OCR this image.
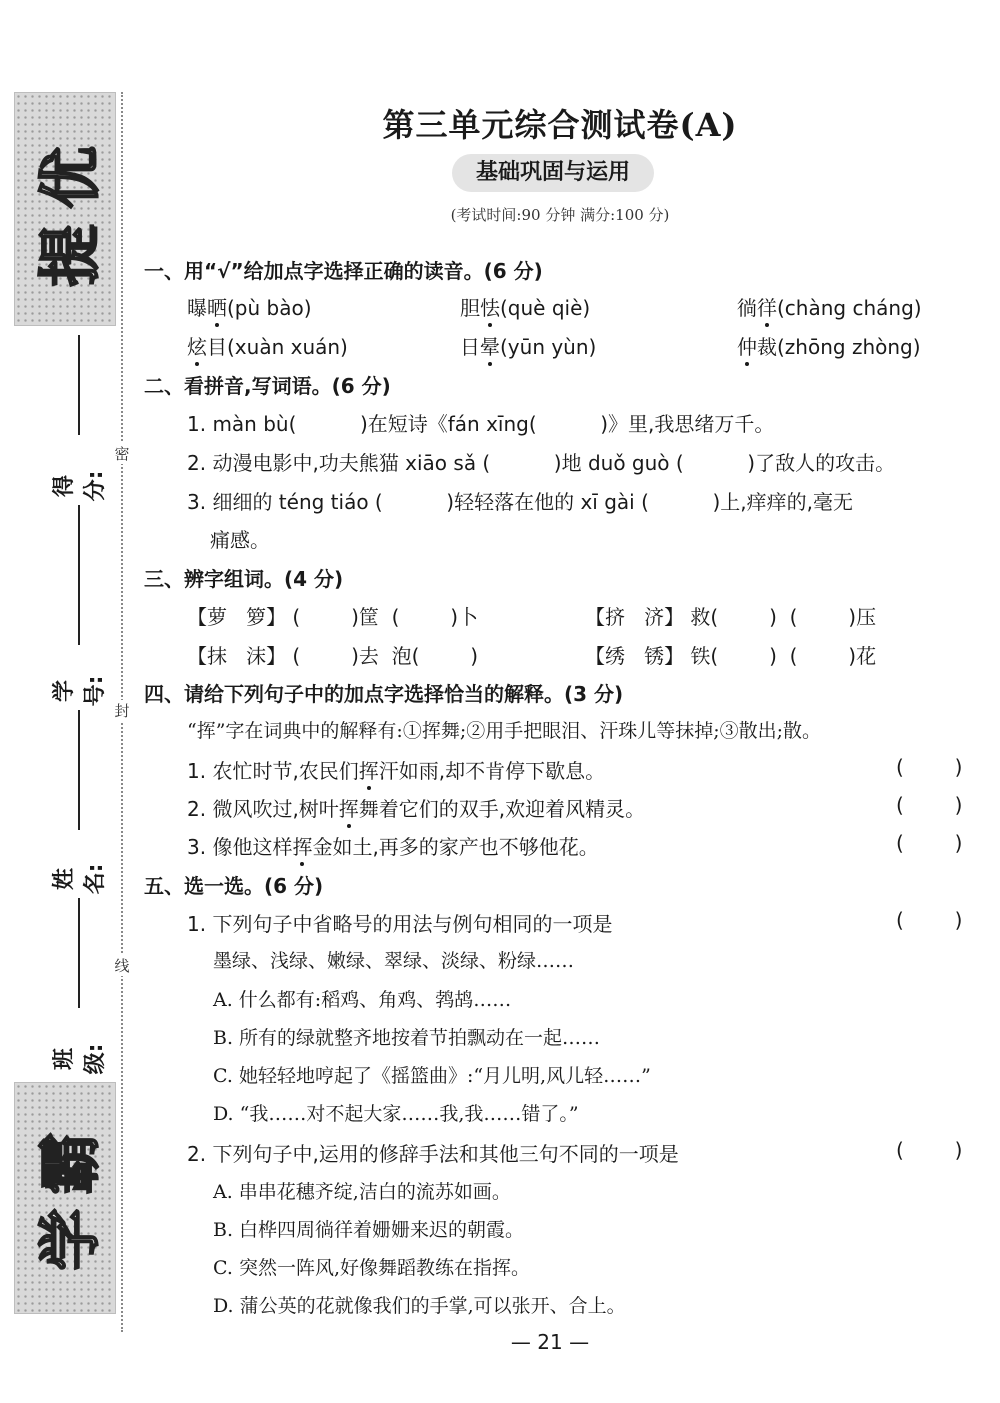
提
优
学
霸
得分:
学号:
姓名:
班级:
密
封
线
第三单元综合测试卷(A)
基础巩固与运用
(考试时间:90 分钟 满分:100 分)
一、用“√”给加点字选择正确的读音。(6 分)
曝晒(pù bào)	胆怯(què qiè)	徜徉(chàng cháng)
炫目(xuàn xuán)	日晕(yūn yùn)	仲裁(zhōng zhòng)
二、看拼音,写词语。(6 分)
1. màn bù(          )在短诗《fán xīng(          )》里,我思绪万千。
2. 动漫电影中,功夫熊猫 xiāo sǎ (          )地 duǒ guò (          )了敌人的攻击。
3. 细细的 téng tiáo (          )轻轻落在他的 xī gài (          )上,痒痒的,毫无
痛感。
三、辨字组词。(4 分)
【萝   箩】 (        )筐  (        )卜	【挤   济】 救(        )  (        )压
【抹   沫】 (        )去  泡(        )	【绣   锈】 铁(        )  (        )花
四、请给下列句子中的加点字选择恰当的解释。(3 分)
“挥”字在词典中的解释有:①挥舞;②用手把眼泪、汗珠儿等抹掉;③散出;散。
1. 农忙时节,农民们挥汗如雨,却不肯停下歇息。	(        )
2. 微风吹过,树叶挥舞着它们的双手,欢迎着风精灵。	(        )
3. 像他这样挥金如土,再多的家产也不够他花。	(        )
五、选一选。(6 分)
1. 下列句子中省略号的用法与例句相同的一项是	(        )
墨绿、浅绿、嫩绿、翠绿、淡绿、粉绿……
A. 什么都有:稻鸡、角鸡、鹁鸪……
B. 所有的绿就整齐地按着节拍飘动在一起……
C. 她轻轻地哼起了《摇篮曲》:“月儿明,风儿轻……”
D. “我……对不起大家……我,我……错了。”
2. 下列句子中,运用的修辞手法和其他三句不同的一项是	(        )
A. 串串花穗齐绽,洁白的流苏如画。
B. 白桦四周徜徉着姗姗来迟的朝霞。
C. 突然一阵风,好像舞蹈教练在指挥。
D. 蒲公英的花就像我们的手掌,可以张开、合上。
— 21 —
